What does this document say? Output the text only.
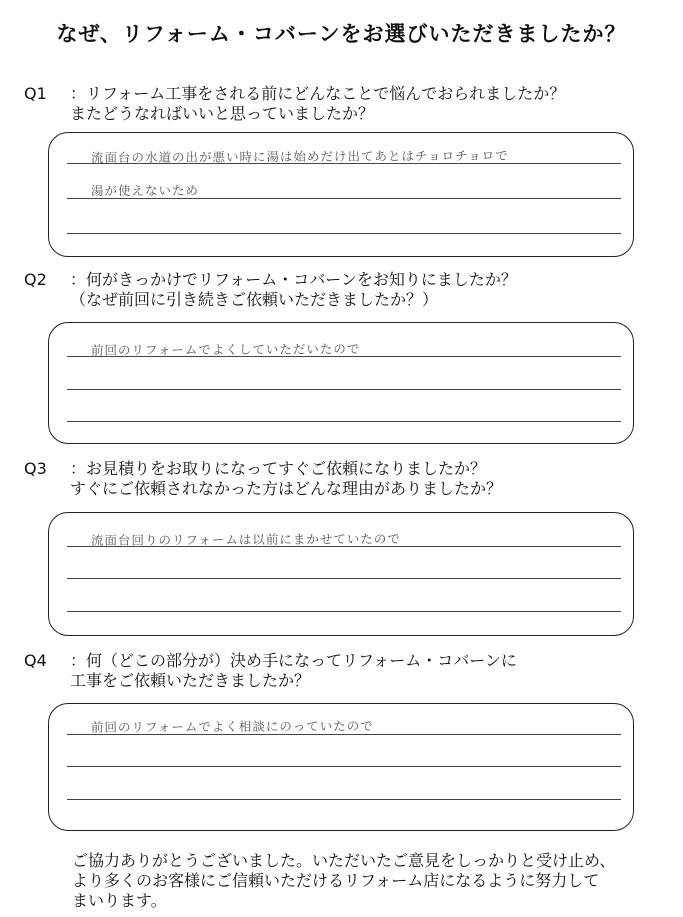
なぜ、リフォーム・コバーンをお選びいただきましたか？
Q1 ：リフォーム工事をされる前にどんなことで悩んでおられましたか？
またどうなればいいと思っていましたか？
流面台の水道の出が悪い時に湯は始めだけ出てあとはチョロチョロで
湯が使えないため
Q2 ：何がきっかけでリフォーム・コバーンをお知りにましたか？
（なぜ前回に引き続きご依頼いただきましたか？）
前回のリフォームでよくしていただいたので
Q3 ：お見積りをお取りになってすぐご依頼になりましたか？
すぐにご依頼されなかった方はどんな理由がありましたか？
流面台回りのリフォームは以前にまかせていたので
Q4 ：何（どこの部分が）決め手になってリフォーム・コバーンに
工事をご依頼いただきましたか？
前回のリフォームでよく相談にのっていたので
ご協力ありがとうございました。いただいたご意見をしっかりと受け止め、
より多くのお客様にご信頼いただけるリフォーム店になるように努力して
まいります。
